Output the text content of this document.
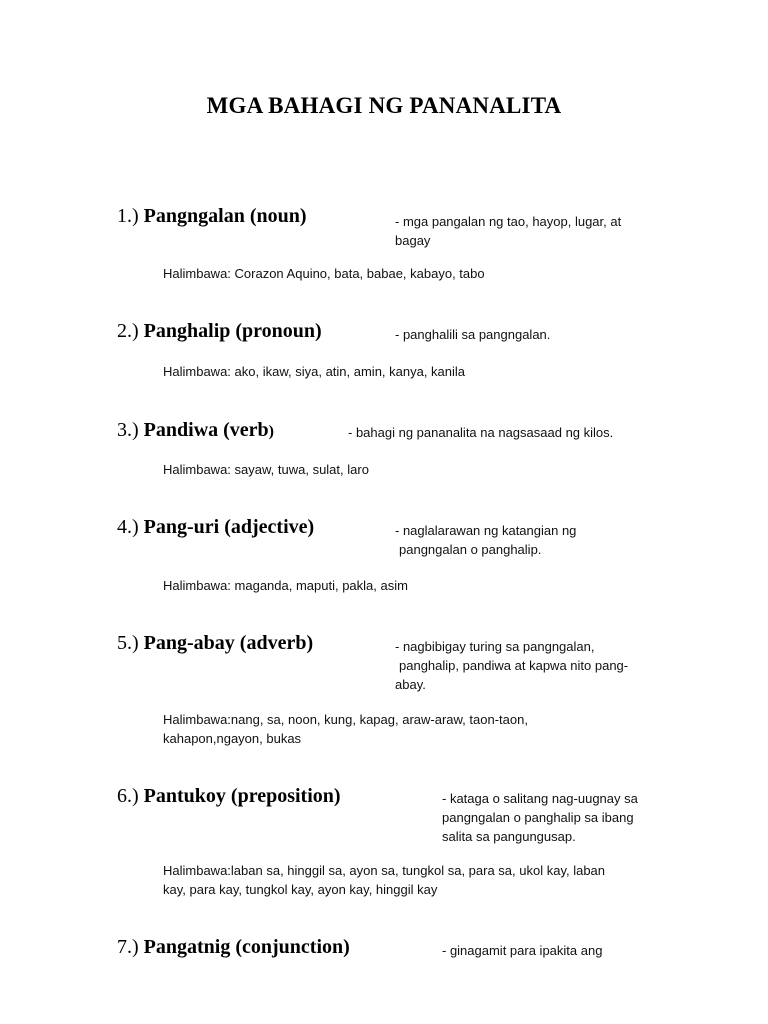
MGA BAHAGI NG PANANALITA
1.) Pangngalan (noun)	- mga pangalan ng tao, hayop, lugar, at
bagay
Halimbawa: Corazon Aquino, bata, babae, kabayo, tabo
2.) Panghalip (pronoun)	- panghalili sa pangngalan.
Halimbawa: ako, ikaw, siya, atin, amin, kanya, kanila
3.) Pandiwa (verb)	- bahagi ng pananalita na nagsasaad ng kilos.
Halimbawa: sayaw, tuwa, sulat, laro
4.) Pang-uri (adjective)	- naglalarawan ng katangian ng
pangngalan o panghalip.
Halimbawa: maganda, maputi, pakla, asim
5.) Pang-abay (adverb)	- nagbibigay turing sa pangngalan,
panghalip, pandiwa at kapwa nito pang-
abay.
Halimbawa:nang, sa, noon, kung, kapag, araw-araw, taon-taon,
kahapon,ngayon, bukas
6.) Pantukoy (preposition)	- kataga o salitang nag-uugnay sa
pangngalan o panghalip sa ibang
salita sa pangungusap.
Halimbawa:laban sa, hinggil sa, ayon sa, tungkol sa, para sa, ukol kay, laban
kay, para kay, tungkol kay, ayon kay, hinggil kay
7.) Pangatnig (conjunction)	- ginagamit para ipakita ang
